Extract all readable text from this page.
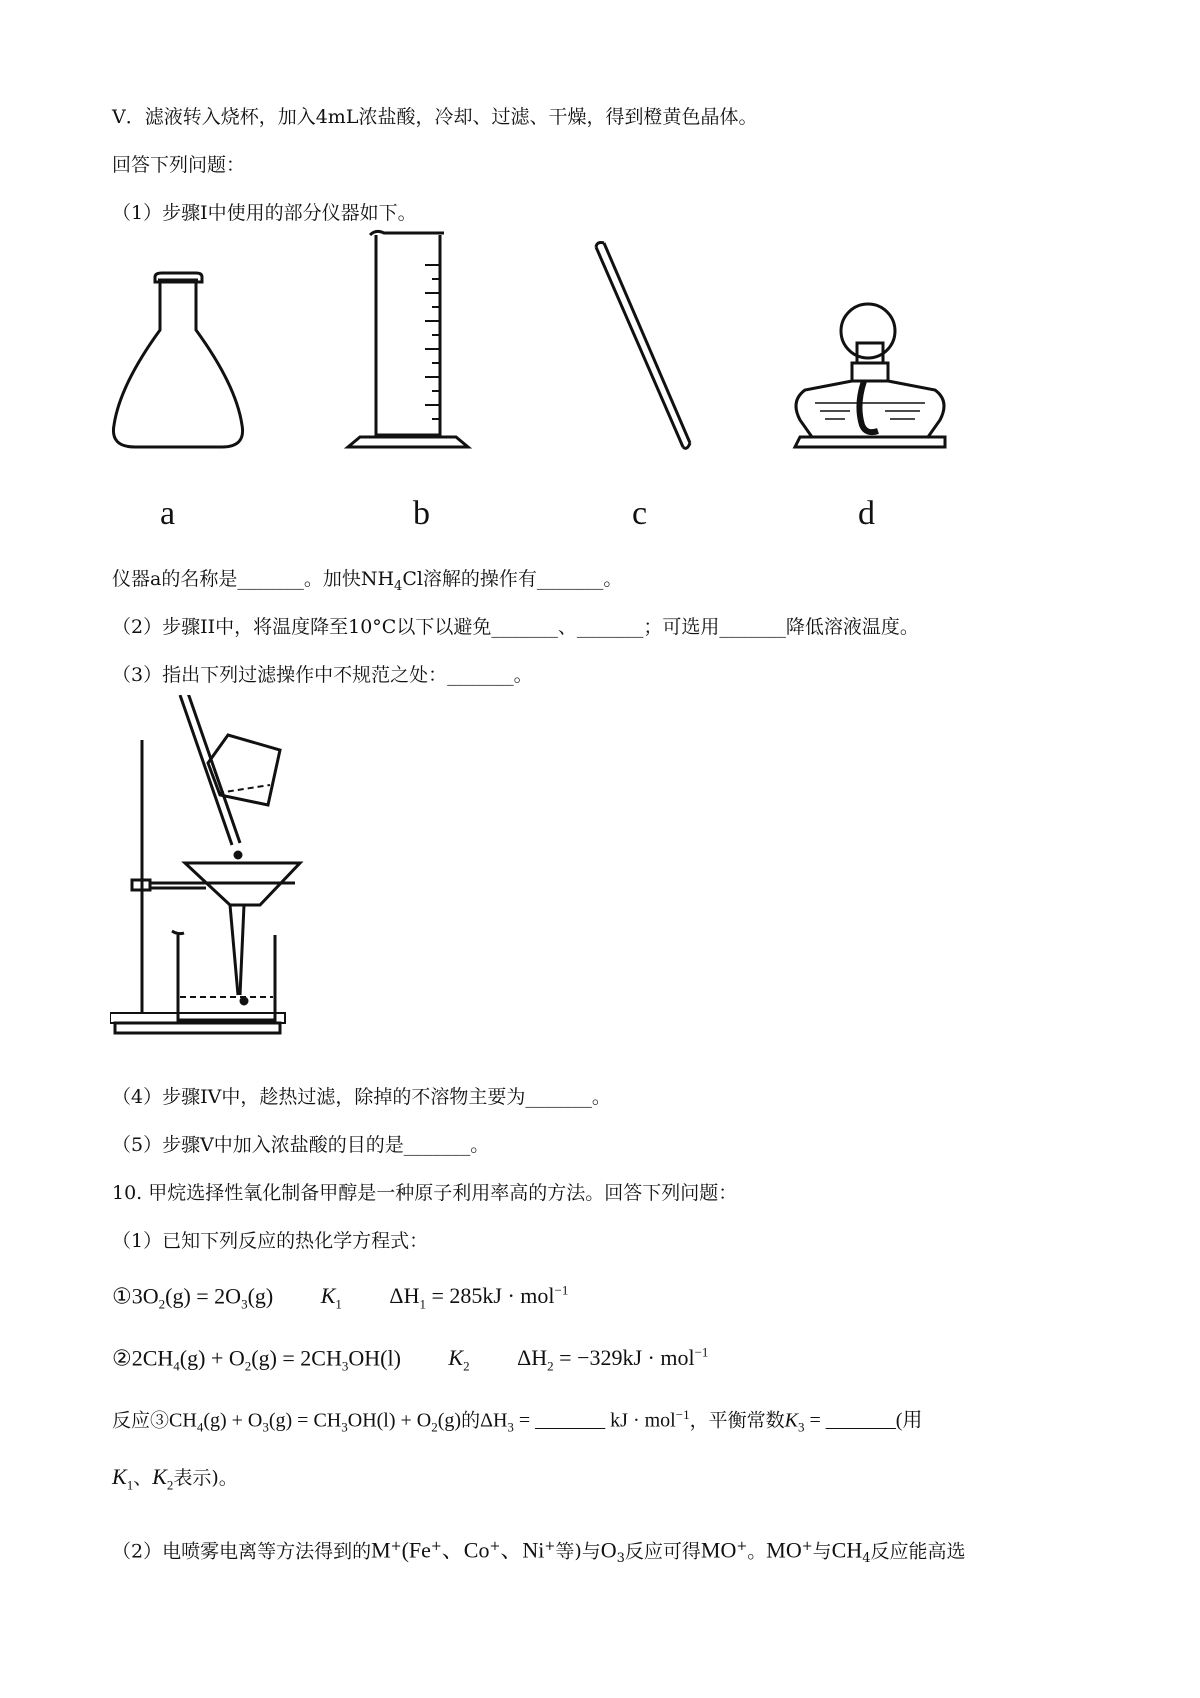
V．滤液转入烧杯，加入4mL浓盐酸，冷却、过滤、干燥，得到橙黄色晶体。
回答下列问题：
（1）步骤I中使用的部分仪器如下。
a	b	c	d
仪器a的名称是_______。加快$NH_4Cl$溶解的操作有_______。
（2）步骤II中，将温度降至10°C以下以避免_______、_______；可选用_______降低溶液温度。
（3）指出下列过滤操作中不规范之处：_______。
（4）步骤IV中，趁热过滤，除掉的不溶物主要为_______。
（5）步骤V中加入浓盐酸的目的是_______。
10. 甲烷选择性氧化制备甲醇是一种原子利用率高的方法。回答下列问题：
（1）已知下列反应的热化学方程式：
$①3O_2(g) = 2O_3(g)$ $K_1$ $\Delta H_1 = 285kJ \cdot mol^{-1}$
$②2CH_4(g) + O_2(g) = 2CH_3OH(l)$ $K_2$ $\Delta H_2 = -329kJ \cdot mol^{-1}$
反应$③CH_4(g) + O_3(g) = CH_3OH(l) + O_2(g)$的$\Delta H_3$ = _______ kJ · mol$^{-1}$，平衡常数$K_3$ = _______(用
$K_1$、$K_2$表示)。
（2）电喷雾电离等方法得到的M+(Fe+、Co+、Ni+等)与$O_3$反应可得MO+。MO+与$CH_4$反应能高选
